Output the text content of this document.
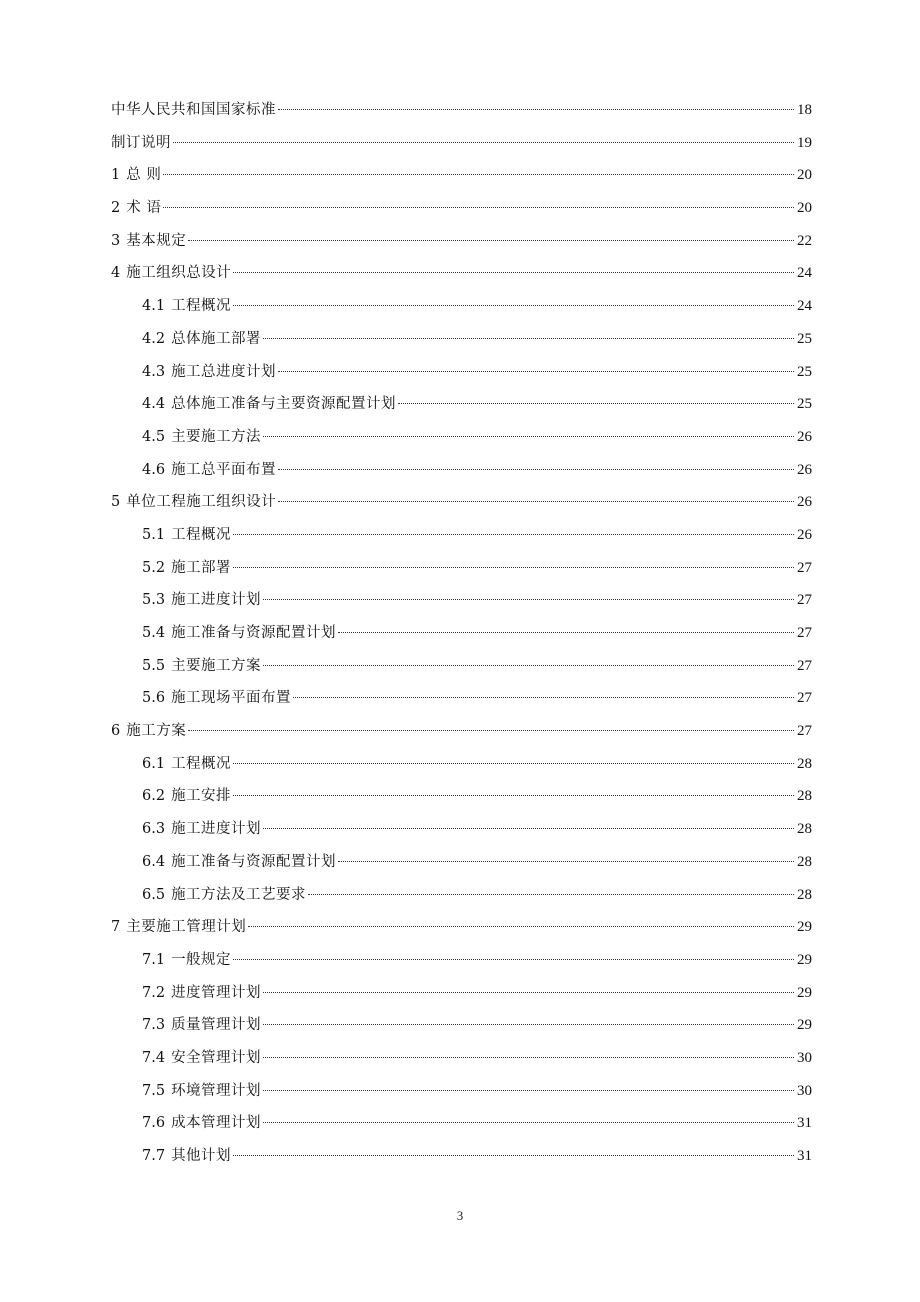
中华人民共和国国家标准	18
制订说明	19
1 总 则	20
2 术 语	20
3 基本规定	22
4 施工组织总设计	24
4.1 工程概况	24
4.2 总体施工部署	25
4.3 施工总进度计划	25
4.4 总体施工准备与主要资源配置计划	25
4.5 主要施工方法	26
4.6 施工总平面布置	26
5 单位工程施工组织设计	26
5.1 工程概况	26
5.2 施工部署	27
5.3 施工进度计划	27
5.4 施工准备与资源配置计划	27
5.5 主要施工方案	27
5.6 施工现场平面布置	27
6 施工方案	27
6.1 工程概况	28
6.2 施工安排	28
6.3 施工进度计划	28
6.4 施工准备与资源配置计划	28
6.5 施工方法及工艺要求	28
7 主要施工管理计划	29
7.1 一般规定	29
7.2 进度管理计划	29
7.3 质量管理计划	29
7.4 安全管理计划	30
7.5 环境管理计划	30
7.6 成本管理计划	31
7.7 其他计划	31
3
